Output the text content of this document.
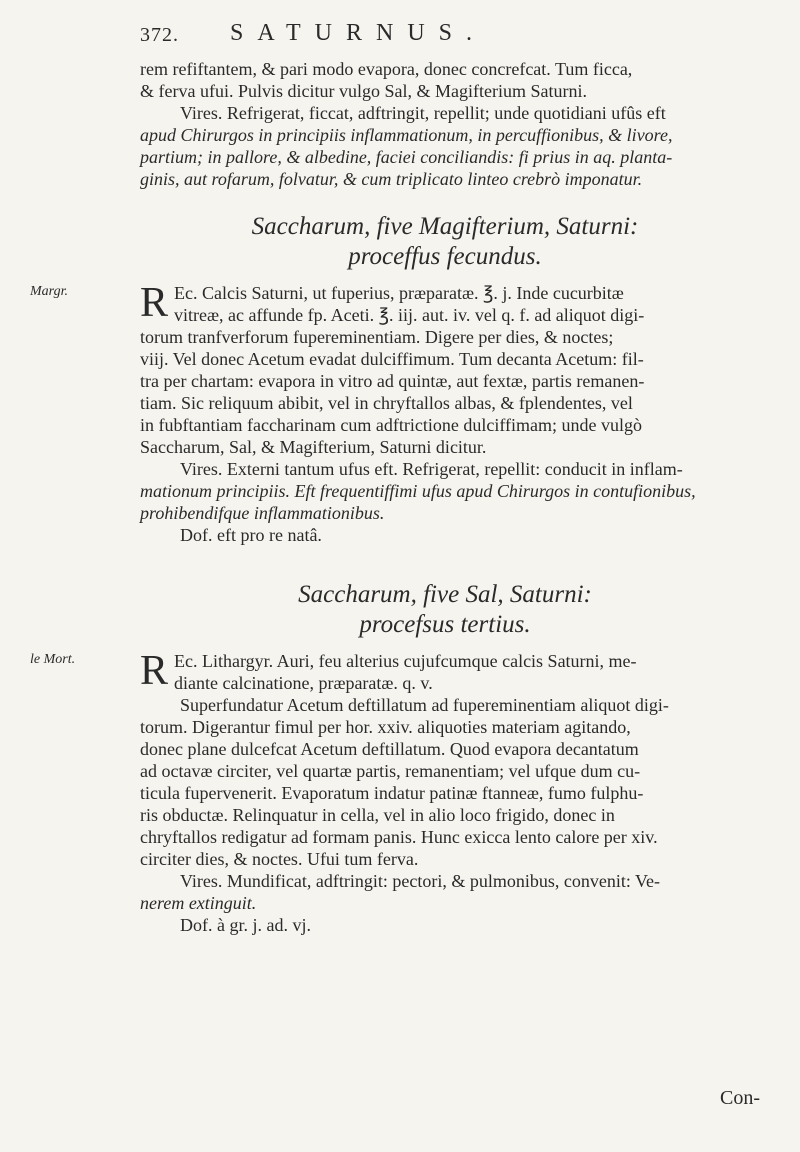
372. SATURNUS.

rem refiftantem, & pari modo evapora, donec concrefcat. Tum ficca,

& ferva ufui. Pulvis dicitur vulgo Sal, & Magifterium Saturni.

Vires. Refrigerat, ficcat, adftringit, repellit; unde quotidiani ufûs eft

apud Chirurgos in principiis inflammationum, in percuffionibus, & livore,

partium; in pallore, & albedine, faciei conciliandis: fi prius in aq. planta-

ginis, aut rofarum, folvatur, & cum triplicato linteo crebrò imponatur.

Saccharum, five Magifterium, Saturni:
proceffus fecundus.
Margr. R Ec. Calcis Saturni, ut fuperius, præparatæ. ℥. j. Inde cucurbitæ

vitreæ, ac affunde fp. Aceti. ℥. iij. aut. iv. vel q. f. ad aliquot digi-

torum tranfverforum fupereminentiam. Digere per dies, & noctes;

viij. Vel donec Acetum evadat dulciffimum. Tum decanta Acetum: fil-

tra per chartam: evapora in vitro ad quintæ, aut fextæ, partis remanen-

tiam. Sic reliquum abibit, vel in chryftallos albas, & fplendentes, vel

in fubftantiam faccharinam cum adftrictione dulciffimam; unde vulgò

Saccharum, Sal, & Magifterium, Saturni dicitur.

Vires. Externi tantum ufus eft. Refrigerat, repellit: conducit in inflam-

mationum principiis. Eft frequentiffimi ufus apud Chirurgos in contufionibus,

prohibendifque inflammationibus.

Dof. eft pro re natâ.

Saccharum, five Sal, Saturni:
procefsus tertius.
le Mort. R Ec. Lithargyr. Auri, feu alterius cujufcumque calcis Saturni, me-

diante calcinatione, præparatæ. q. v.

Superfundatur Acetum deftillatum ad fupereminentiam aliquot digi-

torum. Digerantur fimul per hor. xxiv. aliquoties materiam agitando,

donec plane dulcefcat Acetum deftillatum. Quod evapora decantatum

ad octavæ circiter, vel quartæ partis, remanentiam; vel ufque dum cu-

ticula fupervenerit. Evaporatum indatur patinæ ftanneæ, fumo fulphu-

ris obductæ. Relinquatur in cella, vel in alio loco frigido, donec in

chryftallos redigatur ad formam panis. Hunc exicca lento calore per xiv.

circiter dies, & noctes. Ufui tum ferva.

Vires. Mundificat, adftringit: pectori, & pulmonibus, convenit: Ve-

nerem extinguit.

Dof. à gr. j. ad. vj.

Con-
